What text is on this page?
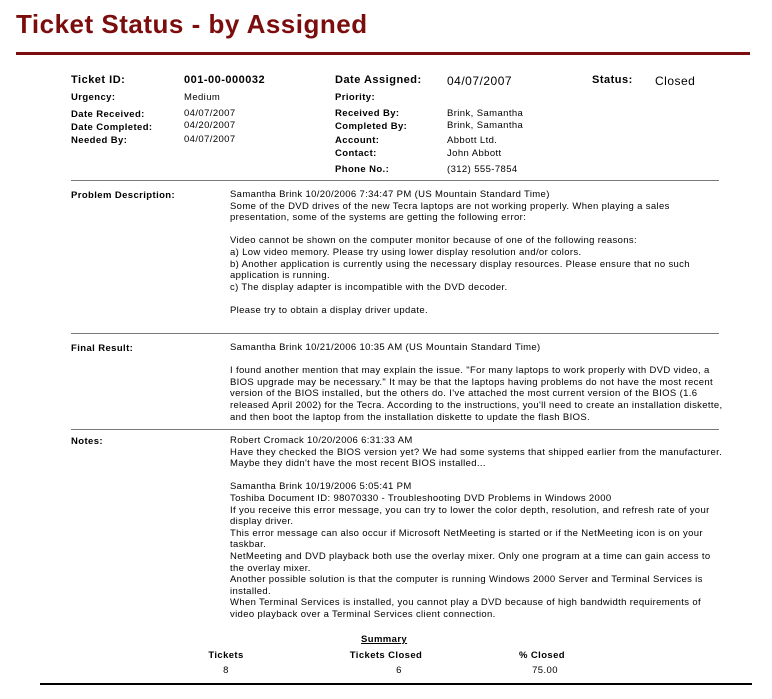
Ticket Status - by Assigned
Ticket ID:	001-00-000032	Date Assigned: 04/07/2007	Status: Closed
Urgency:	Medium	Priority:
Date Received:	04/07/2007	Received By:	Brink, Samantha
Date Completed:	04/20/2007	Completed By:	Brink, Samantha
Needed By:	04/07/2007	Account:	Abbott Ltd.
Contact:	John Abbott
Phone No.:	(312) 555-7854
Problem Description:	Samantha Brink 10/20/2006 7:34:47 PM (US Mountain Standard Time)

Some of the DVD drives of the new Tecra laptops are not working properly. When playing a sales

presentation, some of the systems are getting the following error:

Video cannot be shown on the computer monitor because of one of the following reasons:

a) Low video memory. Please try using lower display resolution and/or colors.

b) Another application is currently using the necessary display resources. Please ensure that no such

application is running.

c) The display adapter is incompatible with the DVD decoder.

Please try to obtain a display driver update.

Final Result:	Samantha Brink 10/21/2006 10:35 AM (US Mountain Standard Time)

I found another mention that may explain the issue. "For many laptops to work properly with DVD video, a

BIOS upgrade may be necessary." It may be that the laptops having problems do not have the most recent

version of the BIOS installed, but the others do. I've attached the most current version of the BIOS (1.6

released April 2002) for the Tecra. According to the instructions, you'll need to create an installation diskette,

and then boot the laptop from the installation diskette to update the flash BIOS.

Notes:	Robert Cromack 10/20/2006 6:31:33 AM

Have they checked the BIOS version yet? We had some systems that shipped earlier from the manufacturer.

Maybe they didn't have the most recent BIOS installed...

Samantha Brink 10/19/2006 5:05:41 PM

Toshiba Document ID: 98070330 - Troubleshooting DVD Problems in Windows 2000

If you receive this error message, you can try to lower the color depth, resolution, and refresh rate of your

display driver.

This error message can also occur if Microsoft NetMeeting is started or if the NetMeeting icon is on your

taskbar.

NetMeeting and DVD playback both use the overlay mixer. Only one program at a time can gain access to

the overlay mixer.

Another possible solution is that the computer is running Windows 2000 Server and Terminal Services is

installed.

When Terminal Services is installed, you cannot play a DVD because of high bandwidth requirements of

video playback over a Terminal Services client connection.

Summary
Tickets	Tickets Closed	% Closed
8	6	75.00
